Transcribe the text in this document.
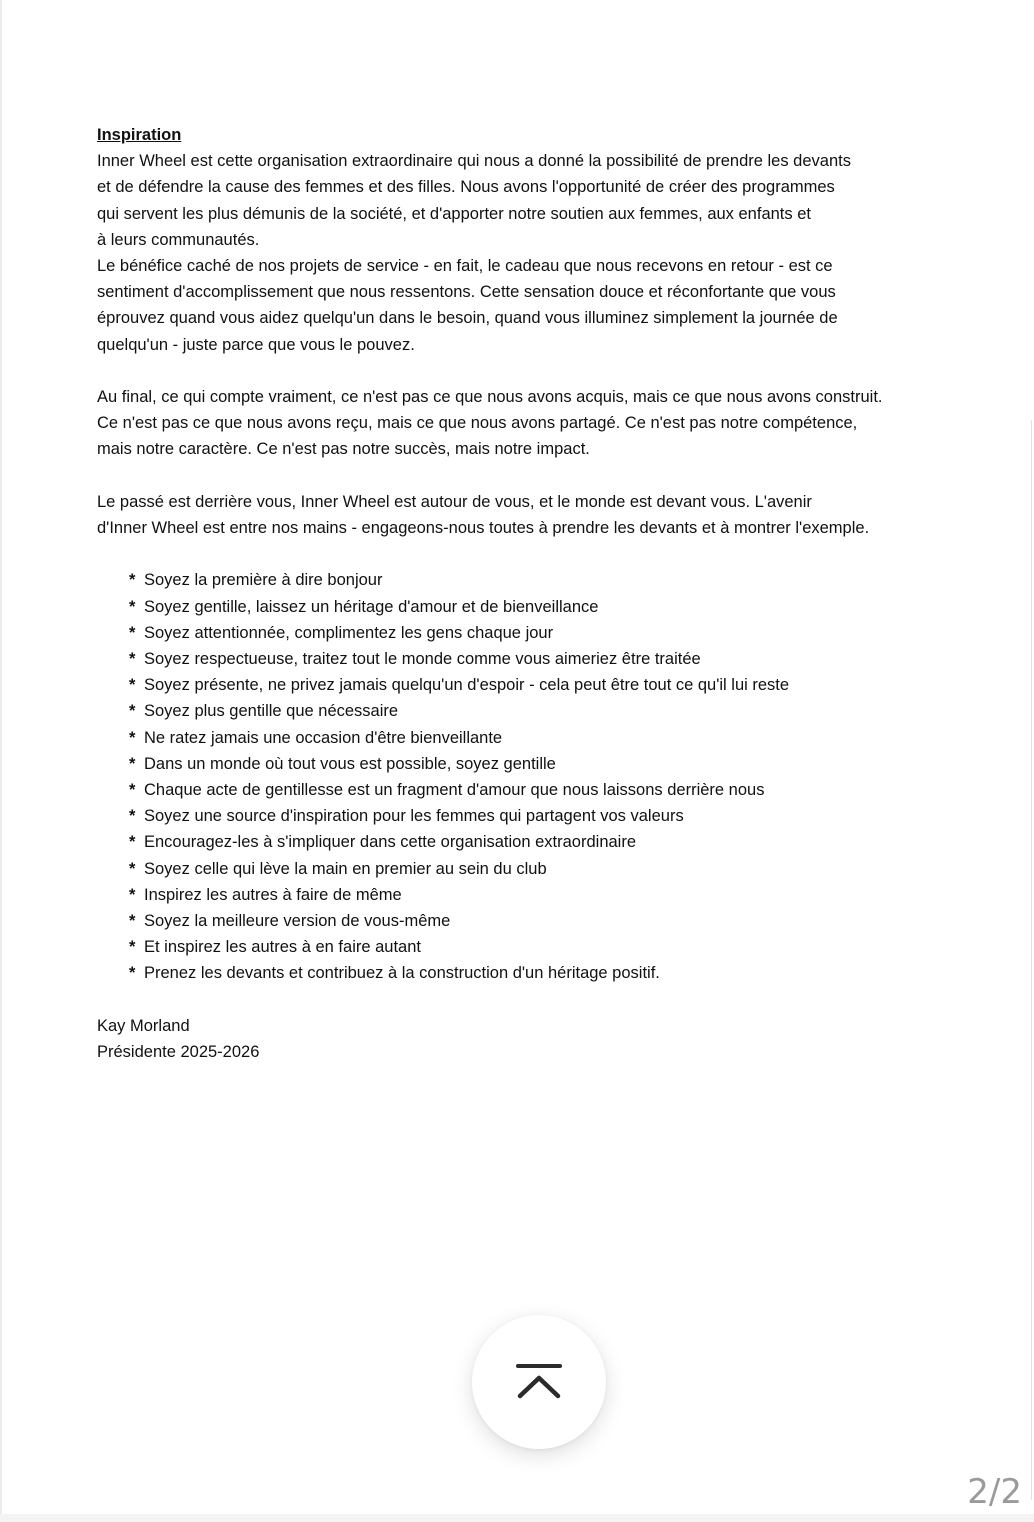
Inspiration

Inner Wheel est cette organisation extraordinaire qui nous a donné la possibilité de prendre les devants
et de défendre la cause des femmes et des filles. Nous avons l'opportunité de créer des programmes
qui servent les plus démunis de la société, et d'apporter notre soutien aux femmes, aux enfants et
à leurs communautés.
Le bénéfice caché de nos projets de service - en fait, le cadeau que nous recevons en retour - est ce
sentiment d'accomplissement que nous ressentons. Cette sensation douce et réconfortante que vous
éprouvez quand vous aidez quelqu'un dans le besoin, quand vous illuminez simplement la journée de
quelqu'un - juste parce que vous le pouvez.

Au final, ce qui compte vraiment, ce n'est pas ce que nous avons acquis, mais ce que nous avons construit.
Ce n'est pas ce que nous avons reçu, mais ce que nous avons partagé. Ce n'est pas notre compétence,
mais notre caractère. Ce n'est pas notre succès, mais notre impact.

Le passé est derrière vous, Inner Wheel est autour de vous, et le monde est devant vous. L'avenir
d'Inner Wheel est entre nos mains - engageons-nous toutes à prendre les devants et à montrer l'exemple.

* Soyez la première à dire bonjour
* Soyez gentille, laissez un héritage d'amour et de bienveillance
* Soyez attentionnée, complimentez les gens chaque jour
* Soyez respectueuse, traitez tout le monde comme vous aimeriez être traitée
* Soyez présente, ne privez jamais quelqu'un d'espoir - cela peut être tout ce qu'il lui reste
* Soyez plus gentille que nécessaire
* Ne ratez jamais une occasion d'être bienveillante
* Dans un monde où tout vous est possible, soyez gentille
* Chaque acte de gentillesse est un fragment d'amour que nous laissons derrière nous
* Soyez une source d'inspiration pour les femmes qui partagent vos valeurs
* Encouragez-les à s'impliquer dans cette organisation extraordinaire
* Soyez celle qui lève la main en premier au sein du club
* Inspirez les autres à faire de même
* Soyez la meilleure version de vous-même
* Et inspirez les autres à en faire autant
* Prenez les devants et contribuez à la construction d'un héritage positif.

Kay Morland
Présidente 2025-2026

2/2
